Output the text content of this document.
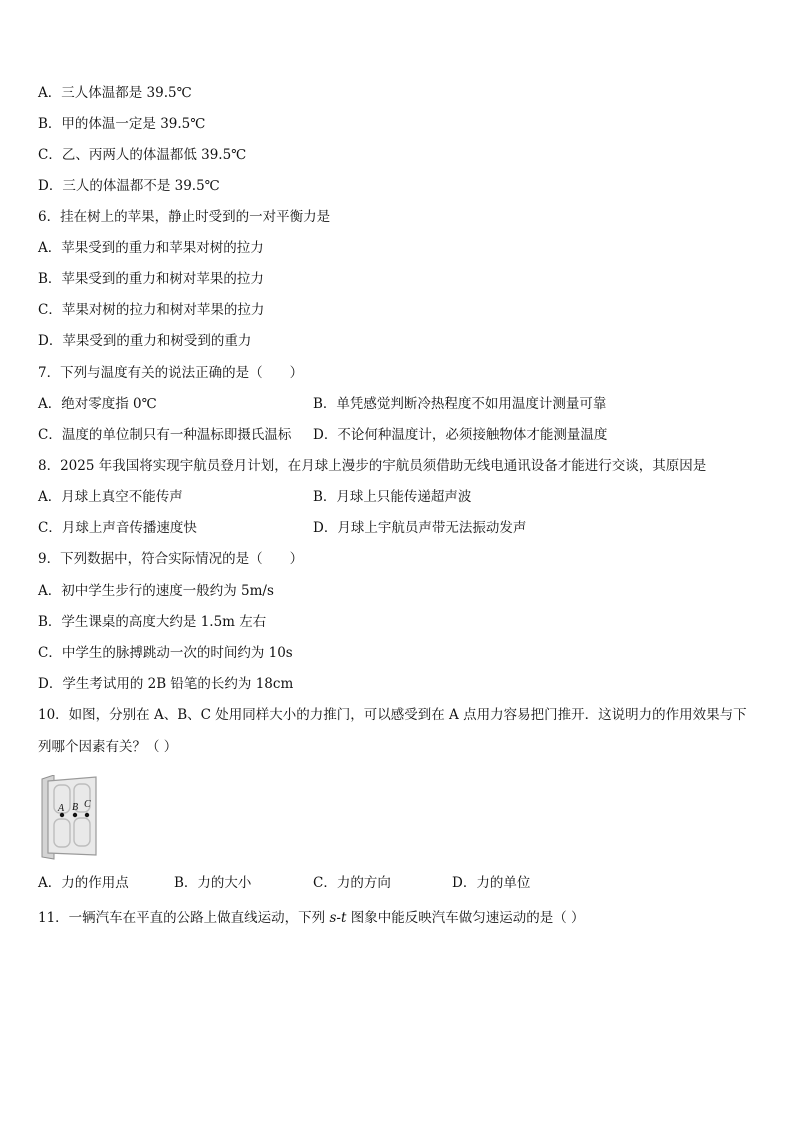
A．三人体温都是 39.5℃
B．甲的体温一定是 39.5℃
C．乙、丙两人的体温都低 39.5℃
D．三人的体温都不是 39.5℃
6．挂在树上的苹果，静止时受到的一对平衡力是
A．苹果受到的重力和苹果对树的拉力
B．苹果受到的重力和树对苹果的拉力
C．苹果对树的拉力和树对苹果的拉力
D．苹果受到的重力和树受到的重力
7．下列与温度有关的说法正确的是（　　）
A．绝对零度指 0℃	B．单凭感觉判断冷热程度不如用温度计测量可靠
C．温度的单位制只有一种温标即摄氏温标 D．不论何种温度计，必须接触物体才能测量温度
8．2025 年我国将实现宇航员登月计划，在月球上漫步的宇航员须借助无线电通讯设备才能进行交谈，其原因是
A．月球上真空不能传声	B．月球上只能传递超声波
C．月球上声音传播速度快	D．月球上宇航员声带无法振动发声
9．下列数据中，符合实际情况的是（　　）
A．初中学生步行的速度一般约为 5m/s
B．学生课桌的高度大约是 1.5m 左右
C．中学生的脉搏跳动一次的时间约为 10s
D．学生考试用的 2B 铅笔的长约为 18cm
10．如图，分别在 A、B、C 处用同样大小的力推门，可以感受到在 A 点用力容易把门推开．这说明力的作用效果与下
列哪个因素有关？（ ）
A B C
A．力的作用点	B．力的大小	C．力的方向	D．力的单位
11．一辆汽车在平直的公路上做直线运动，下列 s-t 图象中能反映汽车做匀速运动的是（ ）
